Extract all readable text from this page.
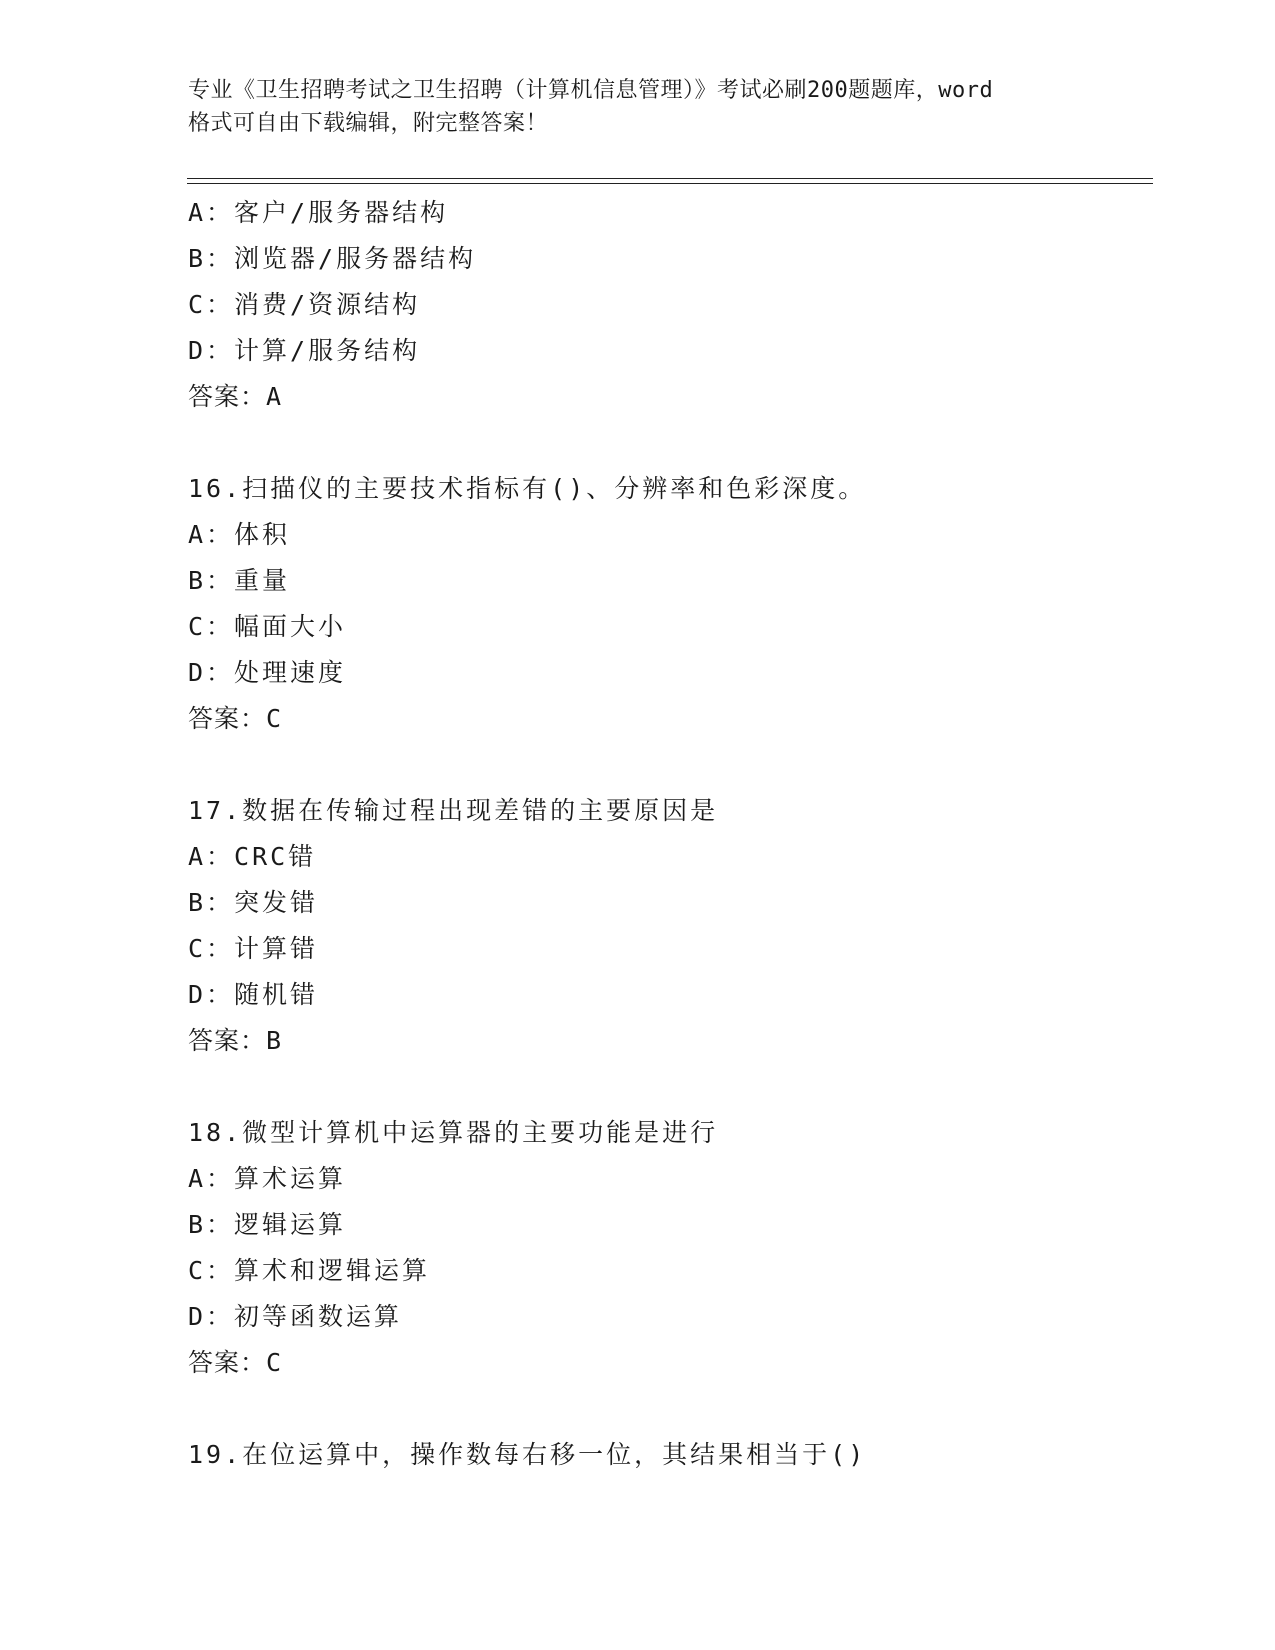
专业《卫生招聘考试之卫生招聘（计算机信息管理）》考试必刷200题题库，word
格式可自由下载编辑，附完整答案！
A：客户/服务器结构
B：浏览器/服务器结构
C：消费/资源结构
D：计算/服务结构
答案：A
16.扫描仪的主要技术指标有()、分辨率和色彩深度。
A：体积
B：重量
C：幅面大小
D：处理速度
答案：C
17.数据在传输过程出现差错的主要原因是
A：CRC错
B：突发错
C：计算错
D：随机错
答案：B
18.微型计算机中运算器的主要功能是进行
A：算术运算
B：逻辑运算
C：算术和逻辑运算
D：初等函数运算
答案：C
19.在位运算中，操作数每右移一位，其结果相当于()
